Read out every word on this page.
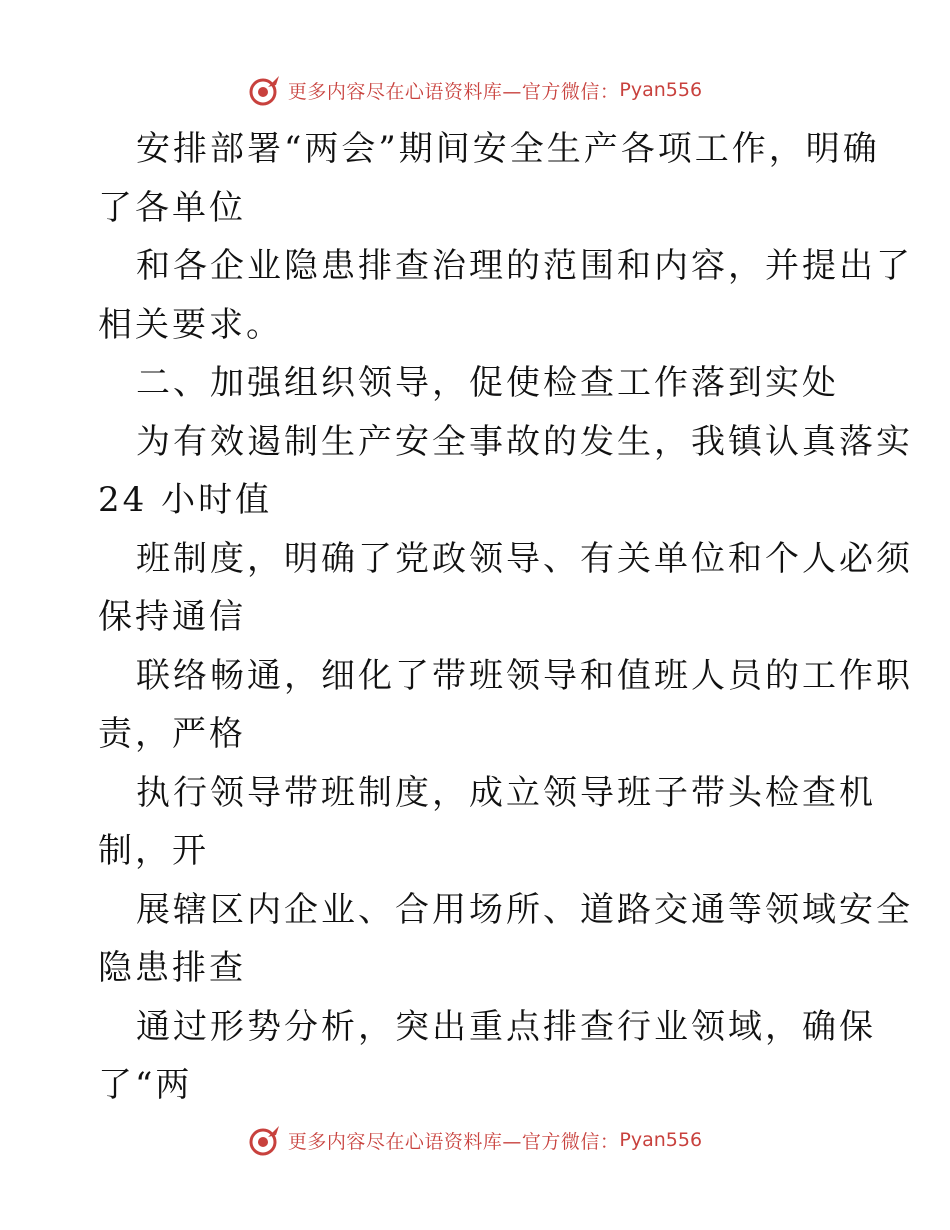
更多内容尽在心语资料库—官方微信： Pyan556
安排部署“两会”期间安全生产各项工作，明确
了各单位
和各企业隐患排查治理的范围和内容，并提出了
相关要求。
二、加强组织领导，促使检查工作落到实处
为有效遏制生产安全事故的发生，我镇认真落实
24 小时值
班制度，明确了党政领导、有关单位和个人必须
保持通信
联络畅通，细化了带班领导和值班人员的工作职
责，严格
执行领导带班制度，成立领导班子带头检查机
制，开
展辖区内企业、合用场所、道路交通等领域安全
隐患排查
通过形势分析，突出重点排查行业领域，确保
了“两
更多内容尽在心语资料库—官方微信： Pyan556
